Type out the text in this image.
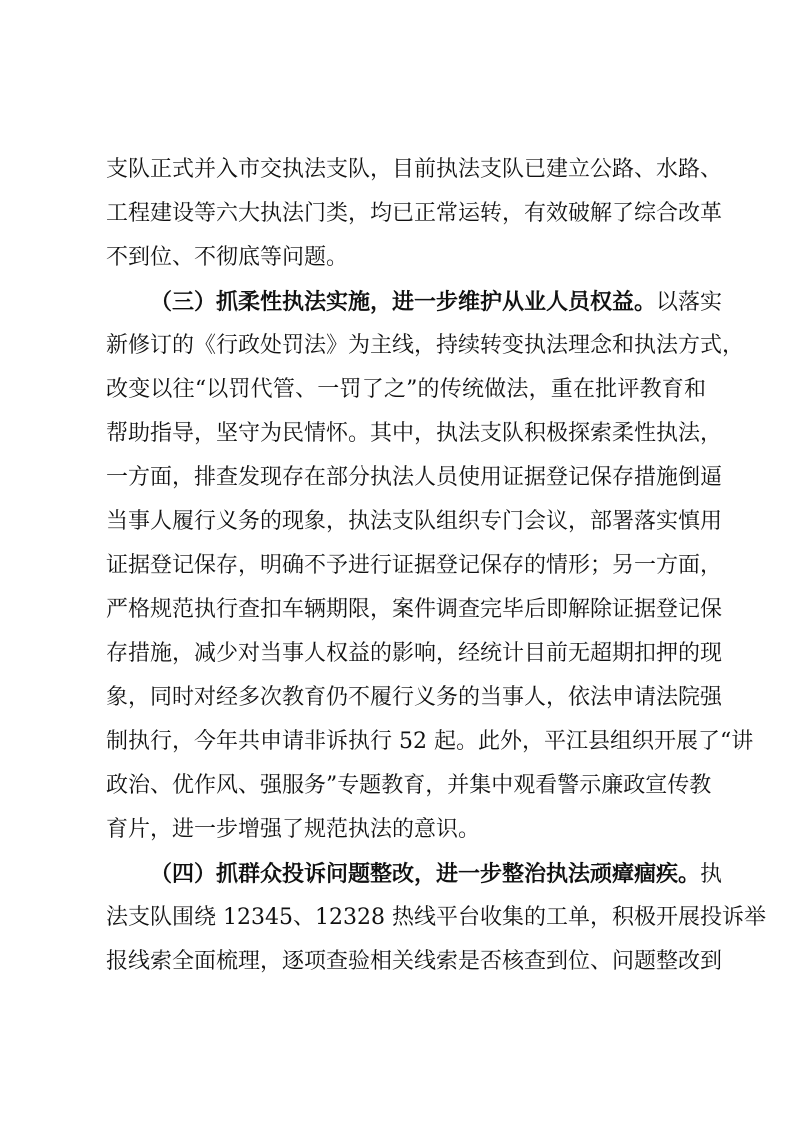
支队正式并入市交执法支队，目前执法支队已建立公路、水路、
工程建设等六大执法门类，均已正常运转，有效破解了综合改革
不到位、不彻底等问题。
（三）抓柔性执法实施，进一步维护从业人员权益。以落实
新修订的《行政处罚法》为主线，持续转变执法理念和执法方式，
改变以往“以罚代管、一罚了之”的传统做法，重在批评教育和
帮助指导，坚守为民情怀。其中，执法支队积极探索柔性执法，
一方面，排查发现存在部分执法人员使用证据登记保存措施倒逼
当事人履行义务的现象，执法支队组织专门会议，部署落实慎用
证据登记保存，明确不予进行证据登记保存的情形；另一方面，
严格规范执行查扣车辆期限，案件调查完毕后即解除证据登记保
存措施，减少对当事人权益的影响，经统计目前无超期扣押的现
象，同时对经多次教育仍不履行义务的当事人，依法申请法院强
制执行，今年共申请非诉执行 52 起。此外，平江县组织开展了“讲
政治、优作风、强服务”专题教育，并集中观看警示廉政宣传教
育片，进一步增强了规范执法的意识。
（四）抓群众投诉问题整改，进一步整治执法顽瘴痼疾。执
法支队围绕 12345、12328 热线平台收集的工单，积极开展投诉举
报线索全面梳理，逐项查验相关线索是否核查到位、问题整改到
